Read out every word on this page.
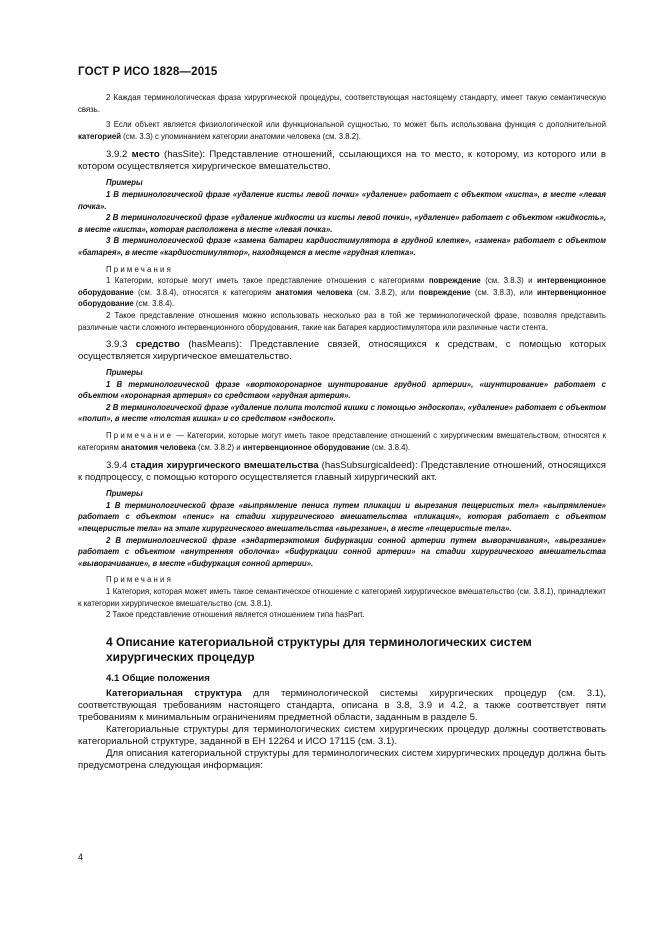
ГОСТ Р ИСО 1828—2015

2 Каждая терминологическая фраза хирургической процедуры, соответствующая настоящему стандарту, имеет такую семантическую связь.

3 Если объект является физиологической или функциональной сущностью, то может быть использована функция с дополнительной категорией (см. 3.3) с упоминанием категории анатомии человека (см. 3.8.2).

3.9.2 место (hasSite): Представление отношений, ссылающихся на то место, к которому, из которого или в котором осуществляется хирургическое вмешательство.

Примеры

1 В терминологической фразе «удаление кисты левой почки» «удаление» работает с объектом «киста», в месте «левая почка».

2 В терминологической фразе «удаление жидкости из кисты левой почки», «удаление» работает с объектом «жидкость», в месте «киста», которая расположена в месте «левая почка».

3 В терминологической фразе «замена батареи кардиостимулятора в грудной клетке», «замена» работает с объектом «батарея», в месте «кардиостимулятор», находящемся в месте «грудная клетка».

Примечания

1 Категории, которые могут иметь такое представление отношения с категориями повреждение (см. 3.8.3) и интервенционное оборудование (см. 3.8.4), относятся к категориям анатомия человека (см. 3.8.2), или повреждение (см. 3.8.3), или интервенционное оборудование (см. 3.8.4).

2 Такое представление отношения можно использовать несколько раз в той же терминологической фразе, позволяя представить различные части сложного интервенционного оборудования, такие как батарея кардиостимулятора или различные части стента.

3.9.3 средство (hasMeans): Представление связей, относящихся к средствам, с помощью которых осуществляется хирургическое вмешательство.

Примеры

1 В терминологической фразе «вортокоронарное шунтирование грудной артерии», «шунтирование» работает с объектом «коронарная артерия» со средством «грудная артерия».

2 В терминологической фразе «удаление полипа толстой кишки с помощью эндоскопа», «удаление» работает с объектом «полип», в месте «толстая кишка» и со средством «эндоскоп».

Примечание — Категории, которые могут иметь такое представление отношений с хирургическим вмешательством, относятся к категориям анатомия человека (см. 3.8.2) и интервенционное оборудование (см. 3.8.4).

3.9.4 стадия хирургического вмешательства (hasSubsurgicaldeed): Представление отношений, относящихся к подпроцессу, с помощью которого осуществляется главный хирургический акт.

Примеры

1 В терминологической фразе «выпрямление пениса путем пликации и вырезания пещеристых тел» «выпрямление» работает с объектом «пенис» на стадии хирургического вмешательства «пликация», которая работает с объектом «пещеристые тела» на этапе хирургического вмешательства «вырезание», в месте «пещеристые тела».

2 В терминологической фразе «эндартерэктомия бифуркации сонной артерии путем выворачивания», «вырезание» работает с объектом «внутренняя оболочка» «бифуркации сонной артерии» на стадии хирургического вмешательства «выворачивание», в месте «бифуркация сонной артерии».

Примечания

1 Категория, которая может иметь такое семантическое отношение с категорией хирургическое вмешательство (см. 3.8.1), принадлежит к категории хирургическое вмешательство (см. 3.8.1).

2 Такое представление отношения является отношением типа hasPart.

4 Описание категориальной структуры для терминологических систем хирургических процедур

4.1 Общие положения

Категориальная структура для терминологической системы хирургических процедур (см. 3.1), соответствующая требованиям настоящего стандарта, описана в 3.8, 3.9 и 4.2, а также соответствует пяти требованиям к минимальным ограничениям предметной области, заданным в разделе 5.

Категориальные структуры для терминологических систем хирургических процедур должны соответствовать категориальной структуре, заданной в ЕН 12264 и ИСО 17115 (см. 3.1).

Для описания категориальной структуры для терминологических систем хирургических процедур должна быть предусмотрена следующая информация:

4
